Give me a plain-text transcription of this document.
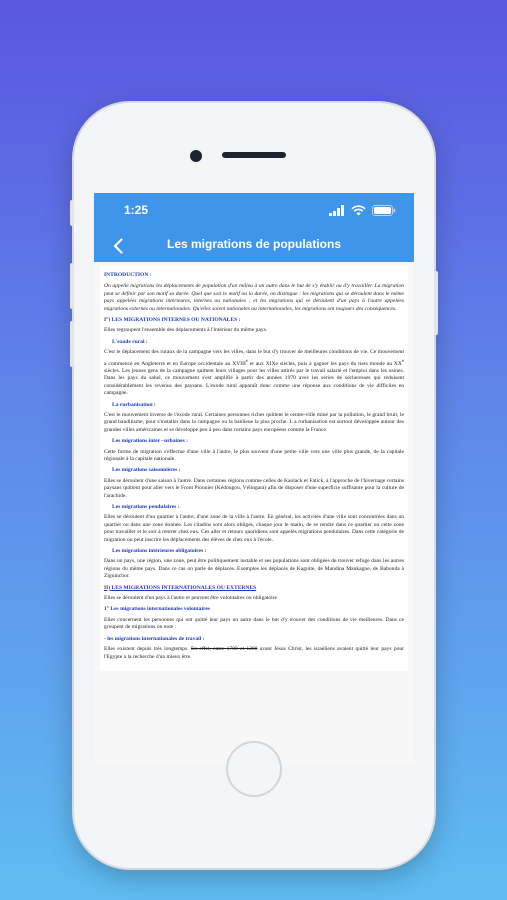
1:25
Les migrations de populations
INTRODUCTION :

On appelle migrations les déplacements de population d'un milieu à un autre dans le but de s'y établir ou d'y travailler. La migration peut se définir par son motif sa durée. Quel que soit le motif ou la durée, on distingue : les migrations qui se déroulent dans le même pays appelées migrations intérieures, internes ou nationales ; et les migrations qui se déroulent d'un pays à l'autre appelées migrations externes ou internationales. Qu'elles soient nationales ou internationales, les migrations ont toujours des conséquences.

I°) LES MIGRATIONS INTERNES OU NATIONALES :

Elles regroupent l'ensemble des déplacements à l'intérieur du même pays.

L'exode rural :

C'est le déplacement des ruraux de la campagne vers les villes, dans le but d'y trouver de meilleures conditions de vie. Ce mouvement a commencé en Angleterre et en Europe occidentale au $XVIII^è$ et aux XIXe siècles, puis à gagner les pays du tiers monde au $XX^è$ siècles. Les jeunes gens de la campagne quittent leurs villages pour les villes attirés par le travail salarié et l'emploi dans les usines. Dans les pays du sahel, ce mouvement s'est amplifié à partir des années 1970 avec les séries de sécheresses qui réduisent considérablement les revenus des paysans. L'exode rural apparaît donc comme une réponse aux conditions de vie difficiles en campagne.

La rurbanisation :

C'est le mouvement inverse de l'exode rural. Certaines personnes riches quittent le centre-ville miné par la pollution, le grand bruit, le grand banditisme, pour s'installer dans la campagne ou la banlieue la plus proche. L a rurbanisation est surtout développée autour des grandes villes américaines et se développe peu à peu dans certains pays européens comme la France.

Les migrations inter –urbaines :

Cette forme de migration s'effectue d'une ville à l'autre, le plus souvent d'une petite ville vers une ville plus grande, de la capitale régionale à la capitale nationale.

Les migrations saisonnières :

Elles se déroulent d'une saison à l'autre. Dans certaines régions comme celles de Kaolack et Fatick, à l'approche de l'hivernage certains paysans quittent pour aller vers le Front Pionnier (Kédougou, Vélingara) afin de disposer d'une superficie suffisante pour la culture de l'arachide.

Les migrations pendulaires :

Elles se déroulent d'un quartier à l'autre, d'une zone de la ville à l'autre. En général, les activités d'une ville sont concentrées dans un quartier ou dans une zone donnée. Les citadins sont alors obligés, chaque jour le matin, de se rendre dans ce quartier ou cette zone pour travailler et le soir à rentrer chez eux. Ces aller et retours quotidiens sont appelés migrations pendulaires. Dans cette catégorie de migration on peut inscrire les déplacements des élèves de chez eux à l'école.

Les migrations intérieures obligatoires :

Dans un pays, une région, une zone, peut être politiquement instable et ses populations sont obligées de trouver refuge dans les autres régions du même pays. Dans ce cas on parle de déplacés. Exemples les déplacés de Kaguite, de Mandina Mankagne, de Babonda à Ziguinchor.

II) LES MIGRATIONS INTERNATIONALES OU EXTERNES

Elles se déroulent d'un pays à l'autre et peuvent être volontaires ou obligatoire

1° Les migrations internationales volontaires

Elles concernent les personnes qui ont quitté leur pays un autre dans le but d'y trouver des conditions de vie meilleures. Dans ce groupent de migrations on note :

- les migrations internationales de travail :

Elles existent depuis très longtemps. En effet, entre 1700 et 1200 avant Jésus Christ, les israéliens avaient quitté leur pays pour l'Egypte à la recherche d'un mieux être.
